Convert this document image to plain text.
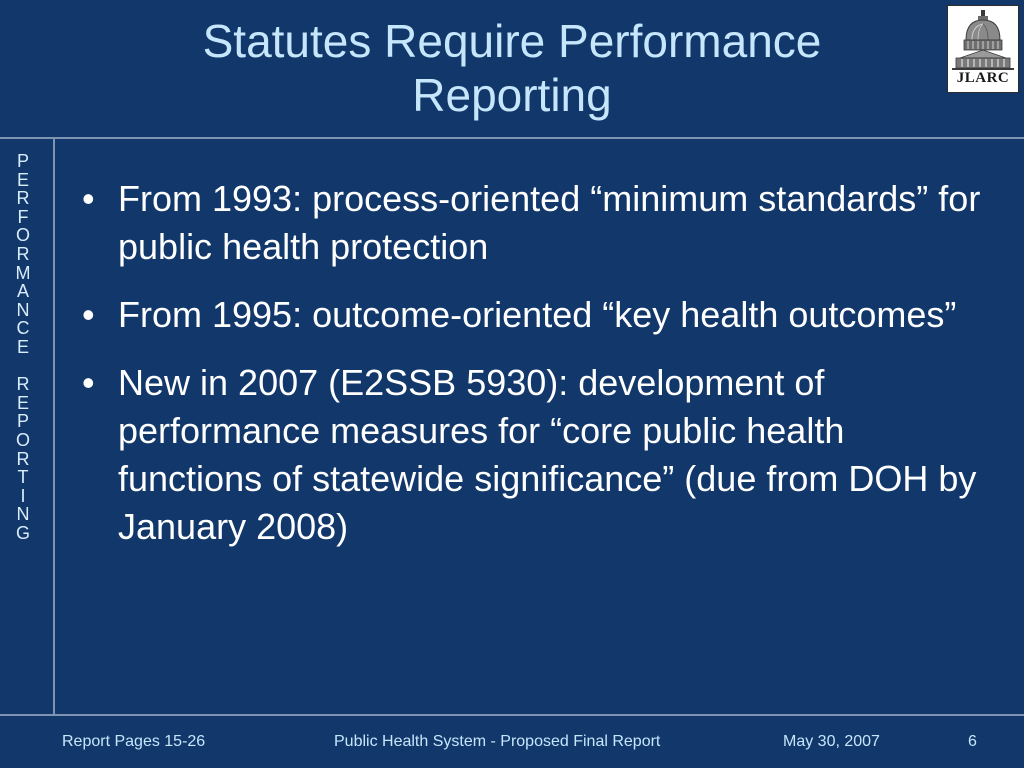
Statutes Require Performance
Reporting	JLARC
P
E
R
F
O
R
M
A
N
C
E
R
E
P
O
R
T
I
N
G
• From 1993: process-oriented “minimum standards” for public health protection
• From 1995: outcome-oriented “key health outcomes”
• New in 2007 (E2SSB 5930): development of performance measures for “core public health functions of statewide significance” (due from DOH by January 2008)
Report Pages 15-26	Public Health System - Proposed Final Report	May 30, 2007	6
